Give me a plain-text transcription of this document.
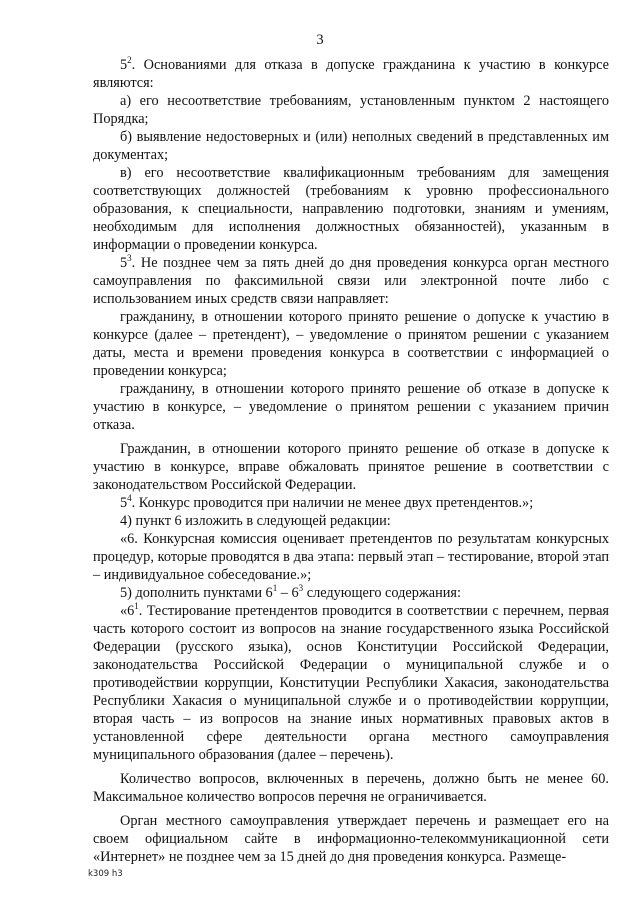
3

$5^2$. Основаниями для отказа в допуске гражданина к участию в конкурсе являются:

а) его несоответствие требованиям, установленным пунктом 2 настоящего Порядка;

б) выявление недостоверных и (или) неполных сведений в представленных им документах;

в) его несоответствие квалификационным требованиям для замещения соответствующих должностей (требованиям к уровню профессионального образования, к специальности, направлению подготовки, знаниям и умениям, необходимым для исполнения должностных обязанностей), указанным в информации о проведении конкурса.

$5^3$. Не позднее чем за пять дней до дня проведения конкурса орган местного самоуправления по факсимильной связи или электронной почте либо с использованием иных средств связи направляет:

гражданину, в отношении которого принято решение о допуске к участию в конкурсе (далее – претендент), – уведомление о принятом решении с указанием даты, места и времени проведения конкурса в соответствии с информацией о проведении конкурса;

гражданину, в отношении которого принято решение об отказе в допуске к участию в конкурсе, – уведомление о принятом решении с указанием причин отказа.

Гражданин, в отношении которого принято решение об отказе в допуске к участию в конкурсе, вправе обжаловать принятое решение в соответствии с законодательством Российской Федерации.

$5^4$. Конкурс проводится при наличии не менее двух претендентов.»;

4) пункт 6 изложить в следующей редакции:

«6. Конкурсная комиссия оценивает претендентов по результатам конкурсных процедур, которые проводятся в два этапа: первый этап – тестирование, второй этап – индивидуальное собеседование.»;

5) дополнить пунктами $6^1 - 6^3$ следующего содержания:

«$6^1$. Тестирование претендентов проводится в соответствии с перечнем, первая часть которого состоит из вопросов на знание государственного языка Российской Федерации (русского языка), основ Конституции Российской Федерации, законодательства Российской Федерации о муниципальной службе и о противодействии коррупции, Конституции Республики Хакасия, законодательства Республики Хакасия о муниципальной службе и о противодействии коррупции, вторая часть – из вопросов на знание иных нормативных правовых актов в установленной сфере деятельности органа местного самоуправления муниципального образования (далее – перечень).

Количество вопросов, включенных в перечень, должно быть не менее 60. Максимальное количество вопросов перечня не ограничивается.

Орган местного самоуправления утверждает перечень и размещает его на своем официальном сайте в информационно-телекоммуникационной сети «Интернет» не позднее чем за 15 дней до дня проведения конкурса. Размеще-

k309 h3
